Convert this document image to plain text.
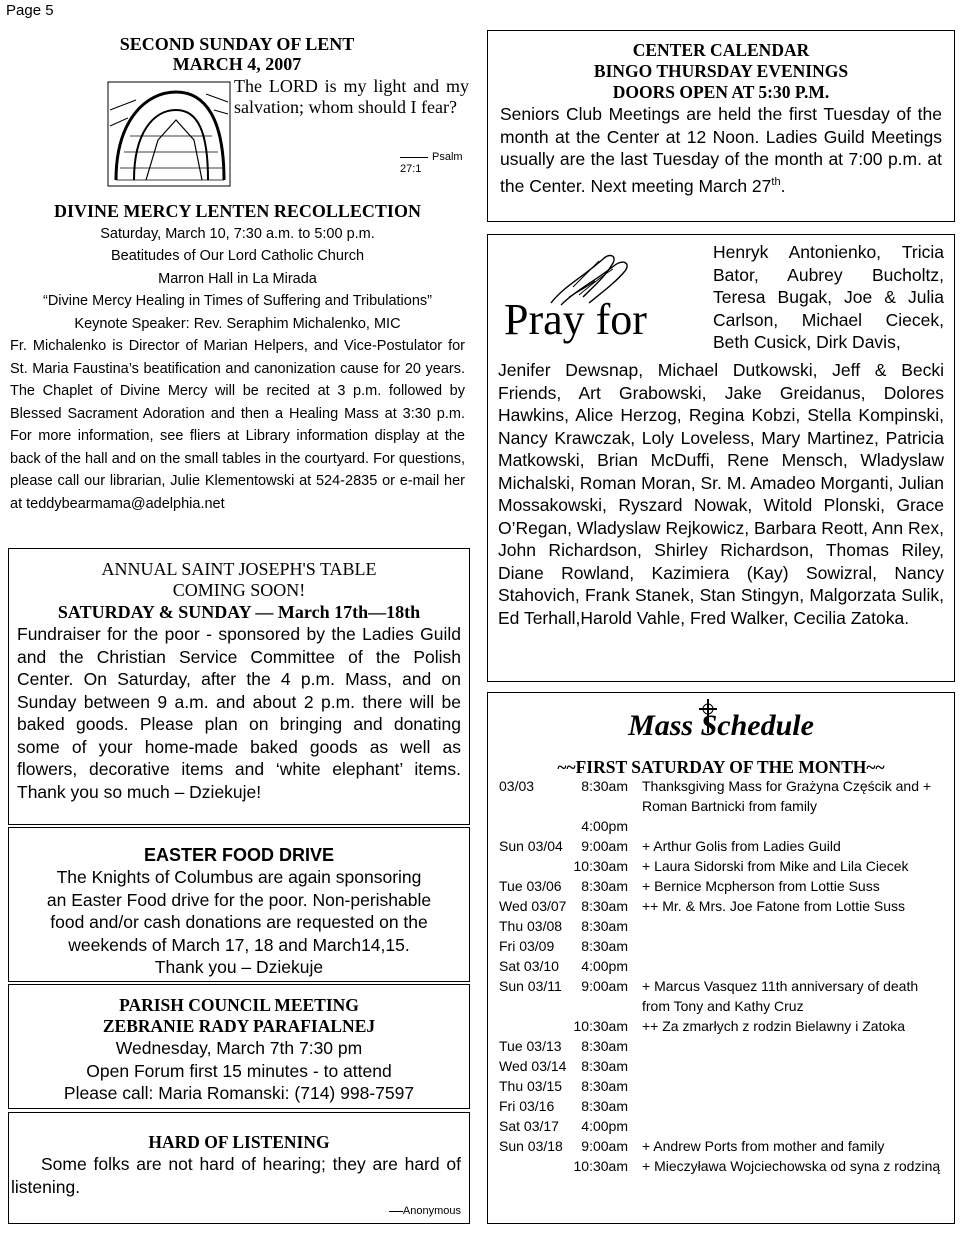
Page 5
SECOND SUNDAY OF LENT
MARCH 4, 2007
The LORD is my light and my salvation; whom should I fear?
Psalm 27:1
DIVINE MERCY LENTEN RECOLLECTION
Saturday, March 10, 7:30 a.m. to 5:00 p.m.
Beatitudes of Our Lord Catholic Church
Marron Hall in La Mirada
“Divine Mercy Healing in Times of Suffering and Tribulations”
Keynote Speaker: Rev. Seraphim Michalenko, MIC
Fr. Michalenko is Director of Marian Helpers, and Vice-Postulator for St. Maria Faustina’s beatification and canonization cause for 20 years. The Chaplet of Divine Mercy will be recited at 3 p.m. followed by Blessed Sacrament Adoration and then a Healing Mass at 3:30 p.m. For more information, see fliers at Library information display at the back of the hall and on the small tables in the courtyard. For questions, please call our librarian, Julie Klementowski at 524-2835 or e-mail her at teddybearmama@adelphia.net
ANNUAL SAINT JOSEPH'S TABLE
COMING SOON!
SATURDAY & SUNDAY — March 17th—18th
Fundraiser for the poor - sponsored by the Ladies Guild and the Christian Service Committee of the Polish Center. On Saturday, after the 4 p.m. Mass, and on Sunday between 9 a.m. and about 2 p.m. there will be baked goods. Please plan on bringing and donating some of your home-made baked goods as well as flowers, decorative items and ‘white elephant’ items. Thank you so much – Dziekuje!
EASTER FOOD DRIVE
The Knights of Columbus are again sponsoring
an Easter Food drive for the poor. Non-perishable
food and/or cash donations are requested on the
weekends of March 17, 18 and March14,15.
Thank you – Dziekuje
PARISH COUNCIL MEETING
ZEBRANIE RADY PARAFIALNEJ
Wednesday, March 7th 7:30 pm
Open Forum first 15 minutes - to attend
Please call: Maria Romanski: (714) 998-7597
HARD OF LISTENING
Some folks are not hard of hearing; they are hard of listening.
Anonymous
CENTER CALENDAR
BINGO THURSDAY EVENINGS
DOORS OPEN AT 5:30 P.M.
Seniors Club Meetings are held the first Tuesday of the month at the Center at 12 Noon. Ladies Guild Meetings usually are the last Tuesday of the month at 7:00 p.m. at the Center. Next meeting March 27th.
Pray for
Henryk Antonienko, Tricia Bator, Aubrey Bucholtz, Teresa Bugak, Joe & Julia Carlson, Michael Ciecek, Beth Cusick, Dirk Davis,
Jenifer Dewsnap, Michael Dutkowski, Jeff & Becki Friends, Art Grabowski, Jake Greidanus, Dolores Hawkins, Alice Herzog, Regina Kobzi, Stella Kompinski, Nancy Krawczak, Loly Loveless, Mary Martinez, Patricia Matkowski, Brian McDuffi, Rene Mensch, Wladyslaw Michalski, Roman Moran, Sr. M. Amadeo Morganti, Julian Mossakowski, Ryszard Nowak, Witold Plonski, Grace O’Regan, Wladyslaw Rejkowicz, Barbara Reott, Ann Rex, John Richardson, Shirley Richardson, Thomas Riley, Diane Rowland, Kazimiera (Kay) Sowizral, Nancy Stahovich, Frank Stanek, Stan Stingyn, Malgorzata Sulik, Ed Terhall,Harold Vahle, Fred Walker, Cecilia Zatoka.
Mass Schedule
~~FIRST SATURDAY OF THE MONTH~~
03/03	8:30am Thanksgiving Mass for Grażyna Częścik and + Roman Bartnicki from family
4:00pm
Sun 03/04	9:00am + Arthur Golis from Ladies Guild
10:30am + Laura Sidorski from Mike and Lila Ciecek
Tue 03/06	8:30am + Bernice Mcpherson from Lottie Suss
Wed 03/07	8:30am ++ Mr. & Mrs. Joe Fatone from Lottie Suss
Thu 03/08	8:30am
Fri 03/09	8:30am
Sat 03/10	4:00pm
Sun 03/11	9:00am + Marcus Vasquez 11th anniversary of death from Tony and Kathy Cruz
10:30am ++ Za zmarłych z rodzin Bielawny i Zatoka
Tue 03/13	8:30am
Wed 03/14	8:30am
Thu 03/15	8:30am
Fri 03/16	8:30am
Sat 03/17	4:00pm
Sun 03/18	9:00am + Andrew Ports from mother and family
10:30am + Mieczyława Wojciechowska od syna z rodziną
